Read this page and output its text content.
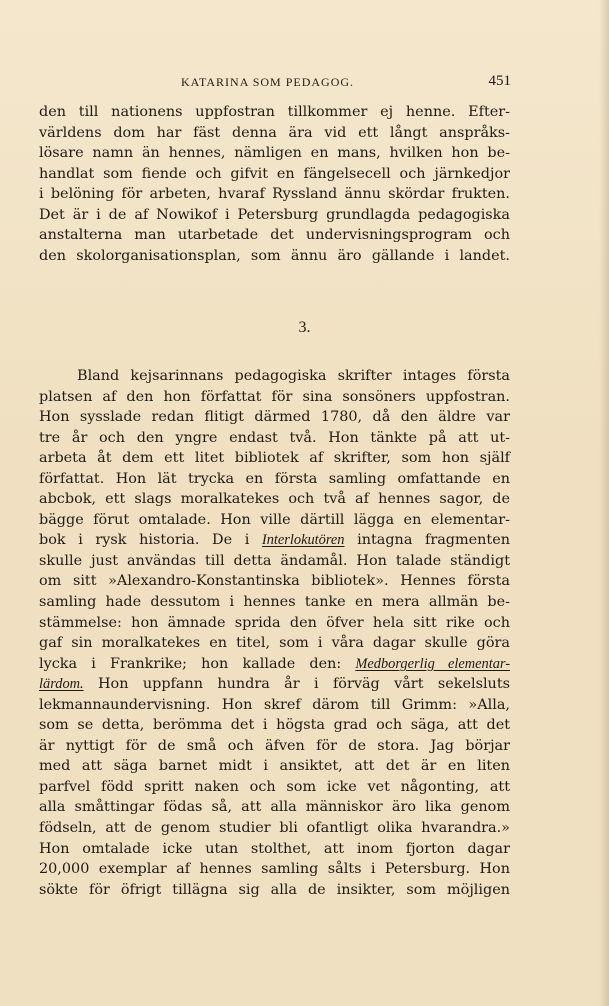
KATARINA SOM PEDAGOG.	451
den till nationens uppfostran tillkommer ej henne. Efter-
världens dom har fäst denna ära vid ett långt anspråks-
lösare namn än hennes, nämligen en mans, hvilken hon be-
handlat som fiende och gifvit en fängelsecell och järnkedjor
i belöning för arbeten, hvaraf Ryssland ännu skördar frukten.
Det är i de af Nowikof i Petersburg grundlagda pedagogiska
anstalterna man utarbetade det undervisningsprogram och
den skolorganisationsplan, som ännu äro gällande i landet.
3.
Bland kejsarinnans pedagogiska skrifter intages första
platsen af den hon författat för sina sonsöners uppfostran.
Hon sysslade redan flitigt därmed 1780, då den äldre var
tre år och den yngre endast två. Hon tänkte på att ut-
arbeta åt dem ett litet bibliotek af skrifter, som hon själf
författat. Hon lät trycka en första samling omfattande en
abcbok, ett slags moralkatekes och två af hennes sagor, de
bägge förut omtalade. Hon ville därtill lägga en elementar-
bok i rysk historia. De i Interlokutören intagna fragmenten
skulle just användas till detta ändamål. Hon talade ständigt
om sitt »Alexandro-Konstantinska bibliotek». Hennes första
samling hade dessutom i hennes tanke en mera allmän be-
stämmelse: hon ämnade sprida den öfver hela sitt rike och
gaf sin moralkatekes en titel, som i våra dagar skulle göra
lycka i Frankrike; hon kallade den: Medborgerlig elementar-
lärdom. Hon uppfann hundra år i förväg vårt sekelsluts
lekmannaundervisning. Hon skref därom till Grimm: »Alla,
som se detta, berömma det i högsta grad och säga, att det
är nyttigt för de små och äfven för de stora. Jag börjar
med att säga barnet midt i ansiktet, att det är en liten
parfvel född spritt naken och som icke vet någonting, att
alla småttingar födas så, att alla människor äro lika genom
födseln, att de genom studier bli ofantligt olika hvarandra.»
Hon omtalade icke utan stolthet, att inom fjorton dagar
20,000 exemplar af hennes samling sålts i Petersburg. Hon
sökte för öfrigt tillägna sig alla de insikter, som möjligen
